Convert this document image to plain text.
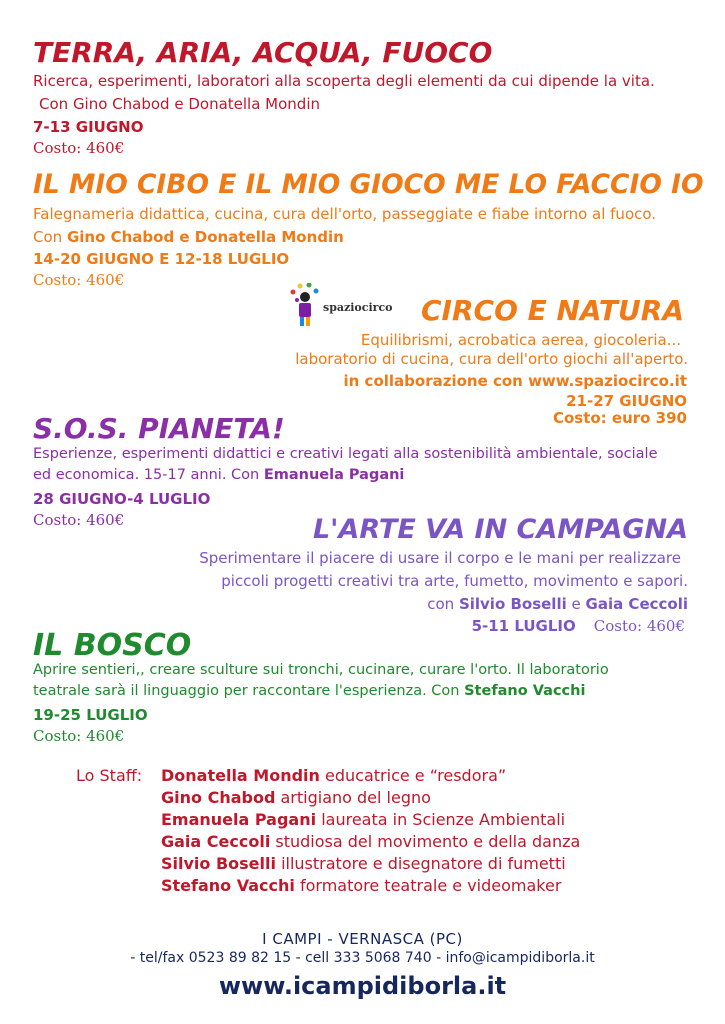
TERRA, ARIA, ACQUA, FUOCO
Ricerca, esperimenti, laboratori alla scoperta degli elementi da cui dipende la vita.
Con Gino Chabod e Donatella Mondin
7-13 GIUGNO
Costo: 460€
IL MIO CIBO E IL MIO GIOCO ME LO FACCIO IO
Falegnameria didattica, cucina, cura dell'orto, passeggiate e fiabe intorno al fuoco.
Con Gino Chabod e Donatella Mondin
14-20 GIUGNO E 12-18 LUGLIO
Costo: 460€
spaziocirco CIRCO E NATURA
Equilibrismi, acrobatica aerea, giocoleria...
laboratorio di cucina, cura dell'orto giochi all'aperto.
in collaborazione con www.spaziocirco.it
21-27 GIUGNO
Costo: euro 390
S.O.S. PIANETA!
Esperienze, esperimenti didattici e creativi legati alla sostenibilità ambientale, sociale
ed economica. 15-17 anni. Con Emanuela Pagani
28 GIUGNO-4 LUGLIO
Costo: 460€	L'ARTE VA IN CAMPAGNA
Sperimentare il piacere di usare il corpo e le mani per realizzare
piccoli progetti creativi tra arte, fumetto, movimento e sapori.
con Silvio Boselli e Gaia Ceccoli
5-11 LUGLIO Costo: 460€
IL BOSCO
Aprire sentieri,, creare sculture sui tronchi, cucinare, curare l'orto. Il laboratorio
teatrale sarà il linguaggio per raccontare l'esperienza. Con Stefano Vacchi
19-25 LUGLIO
Costo: 460€
Lo Staff: Donatella Mondin educatrice e “resdora”
Gino Chabod artigiano del legno
Emanuela Pagani laureata in Scienze Ambientali
Gaia Ceccoli studiosa del movimento e della danza
Silvio Boselli illustratore e disegnatore di fumetti
Stefano Vacchi formatore teatrale e videomaker
I CAMPI - VERNASCA (PC)
- tel/fax 0523 89 82 15 - cell 333 5068 740 - info@icampidiborla.it
www.icampidiborla.it
